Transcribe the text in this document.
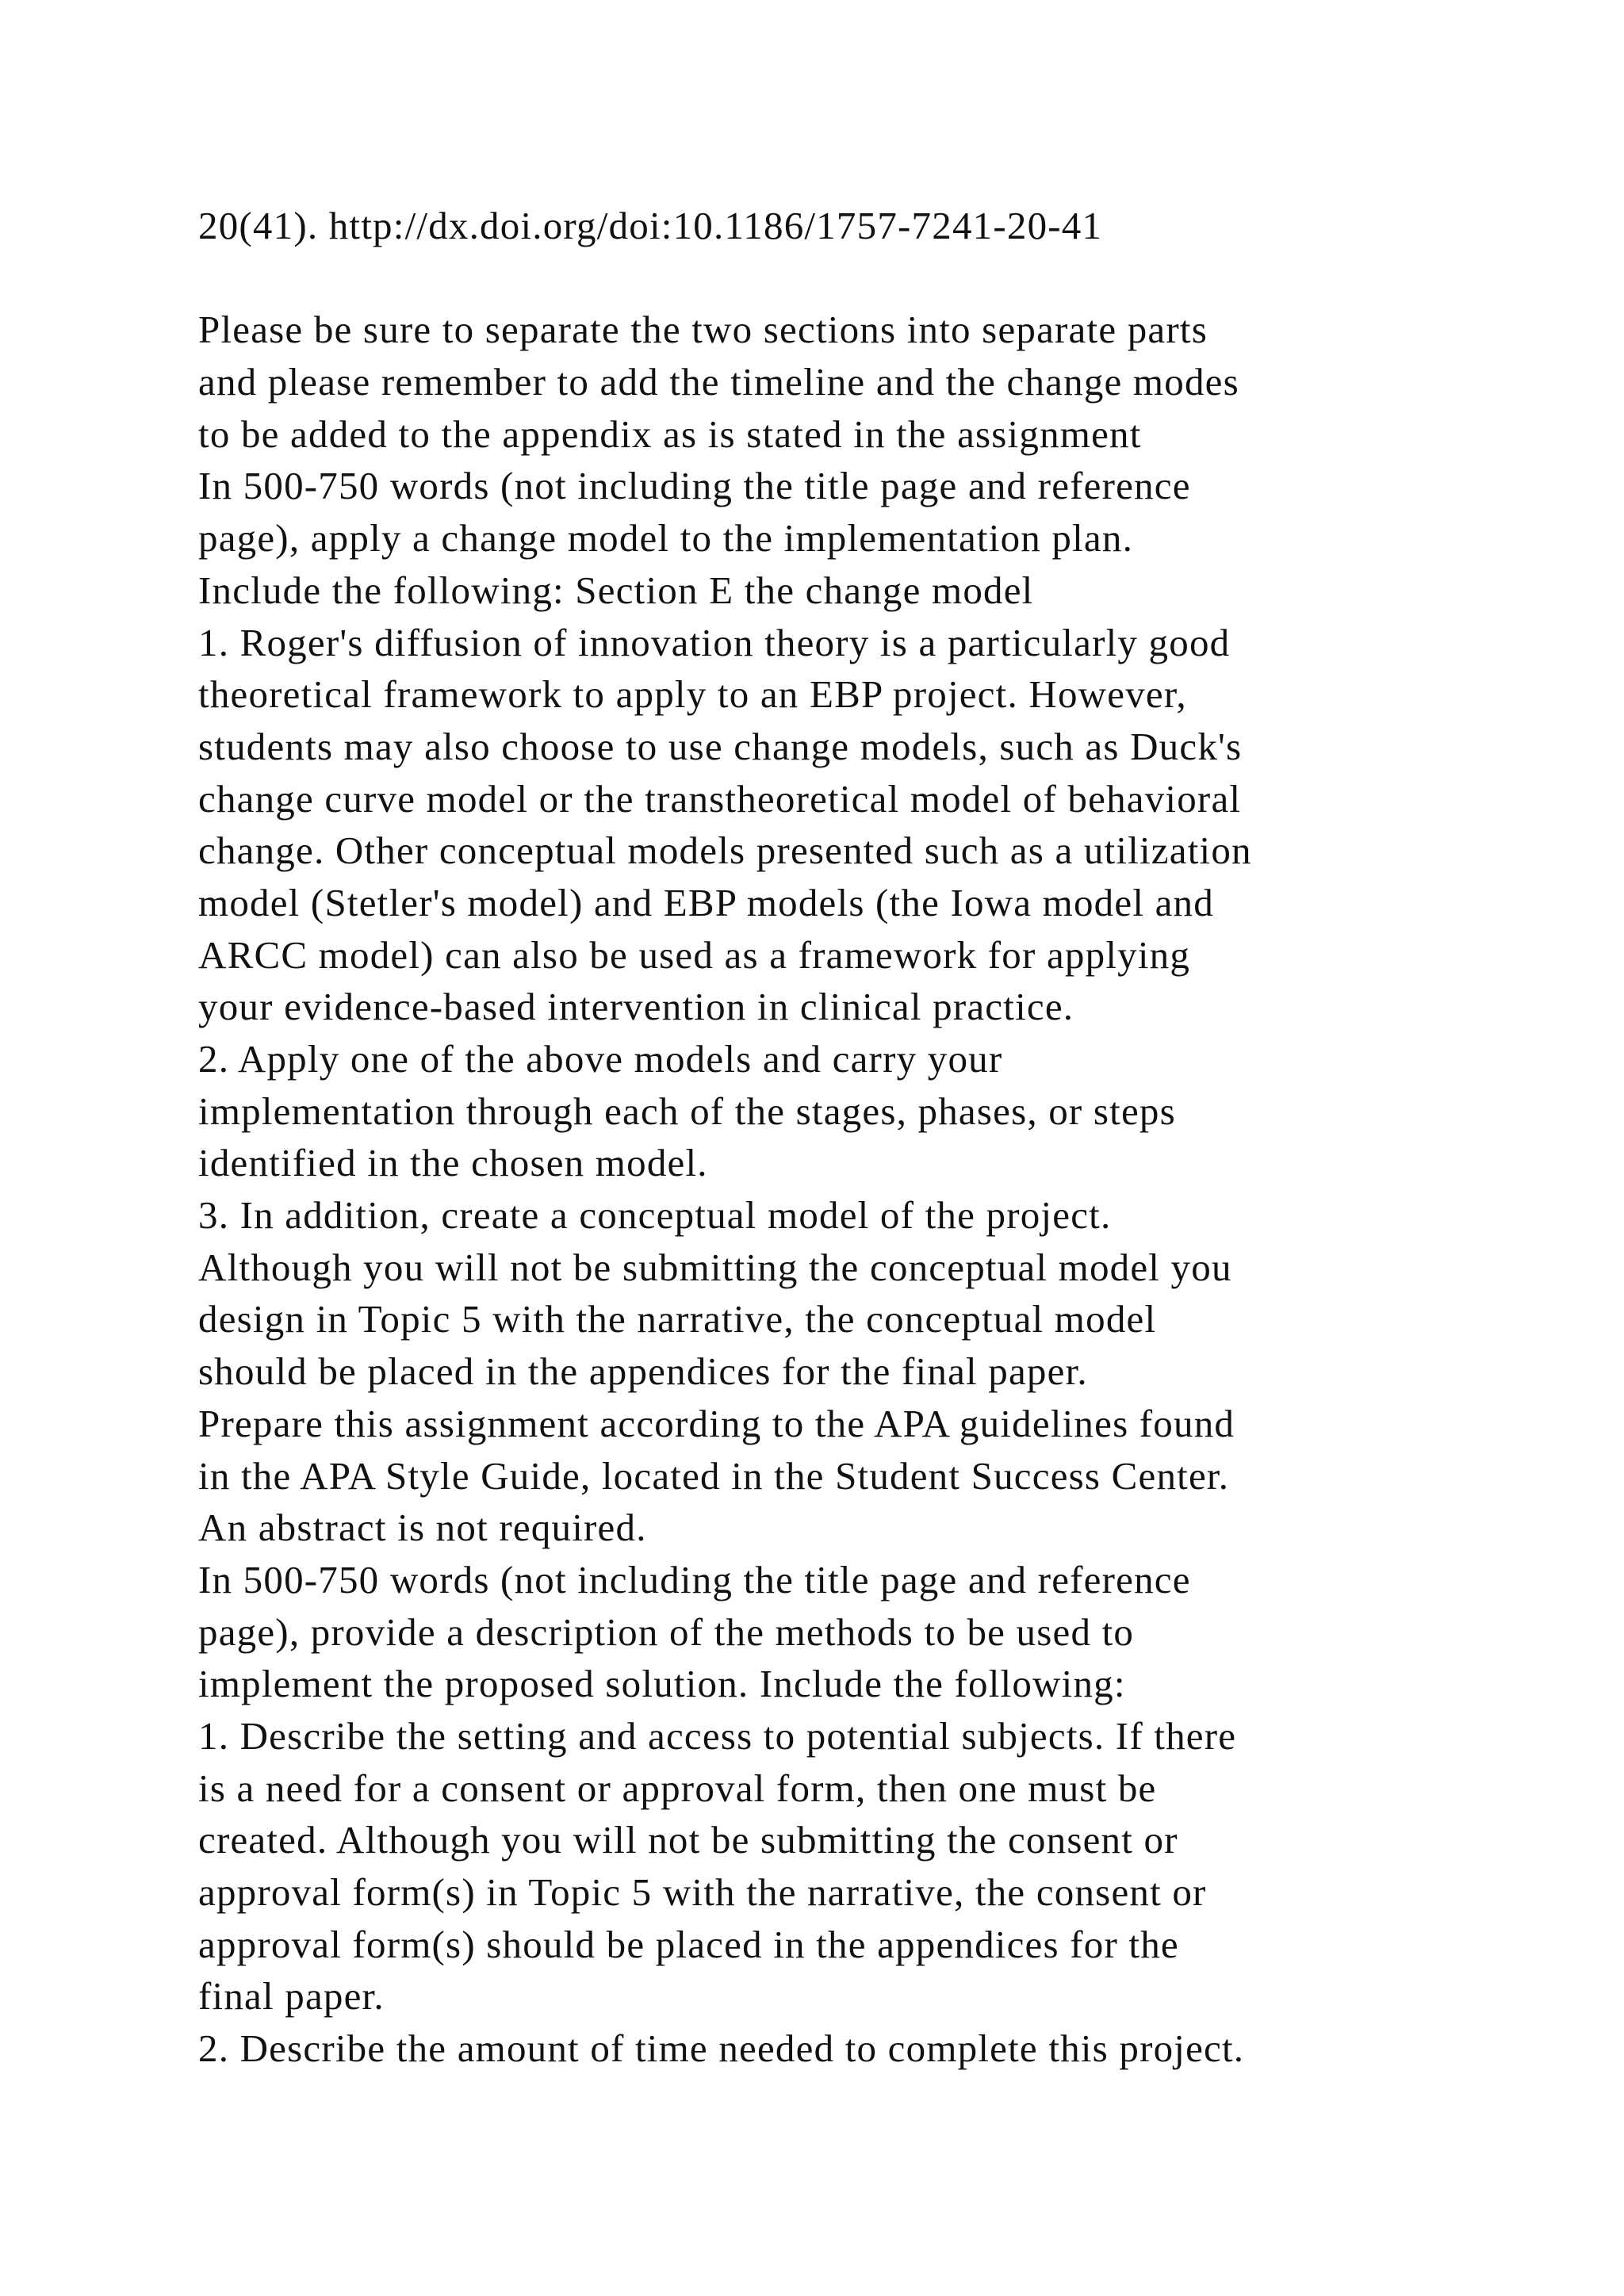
20(41). http://dx.doi.org/doi:10.1186/1757-7241-20-41
Please be sure to separate the two sections into separate parts
and please remember to add the timeline and the change modes
to be added to the appendix as is stated in the assignment
In 500-750 words (not including the title page and reference
page), apply a change model to the implementation plan.
Include the following: Section E the change model
1. Roger's diffusion of innovation theory is a particularly good
theoretical framework to apply to an EBP project. However,
students may also choose to use change models, such as Duck's
change curve model or the transtheoretical model of behavioral
change. Other conceptual models presented such as a utilization
model (Stetler's model) and EBP models (the Iowa model and
ARCC model) can also be used as a framework for applying
your evidence-based intervention in clinical practice.
2. Apply one of the above models and carry your
implementation through each of the stages, phases, or steps
identified in the chosen model.
3. In addition, create a conceptual model of the project.
Although you will not be submitting the conceptual model you
design in Topic 5 with the narrative, the conceptual model
should be placed in the appendices for the final paper.
Prepare this assignment according to the APA guidelines found
in the APA Style Guide, located in the Student Success Center.
An abstract is not required.
In 500-750 words (not including the title page and reference
page), provide a description of the methods to be used to
implement the proposed solution. Include the following:
1. Describe the setting and access to potential subjects. If there
is a need for a consent or approval form, then one must be
created. Although you will not be submitting the consent or
approval form(s) in Topic 5 with the narrative, the consent or
approval form(s) should be placed in the appendices for the
final paper.
2. Describe the amount of time needed to complete this project.
